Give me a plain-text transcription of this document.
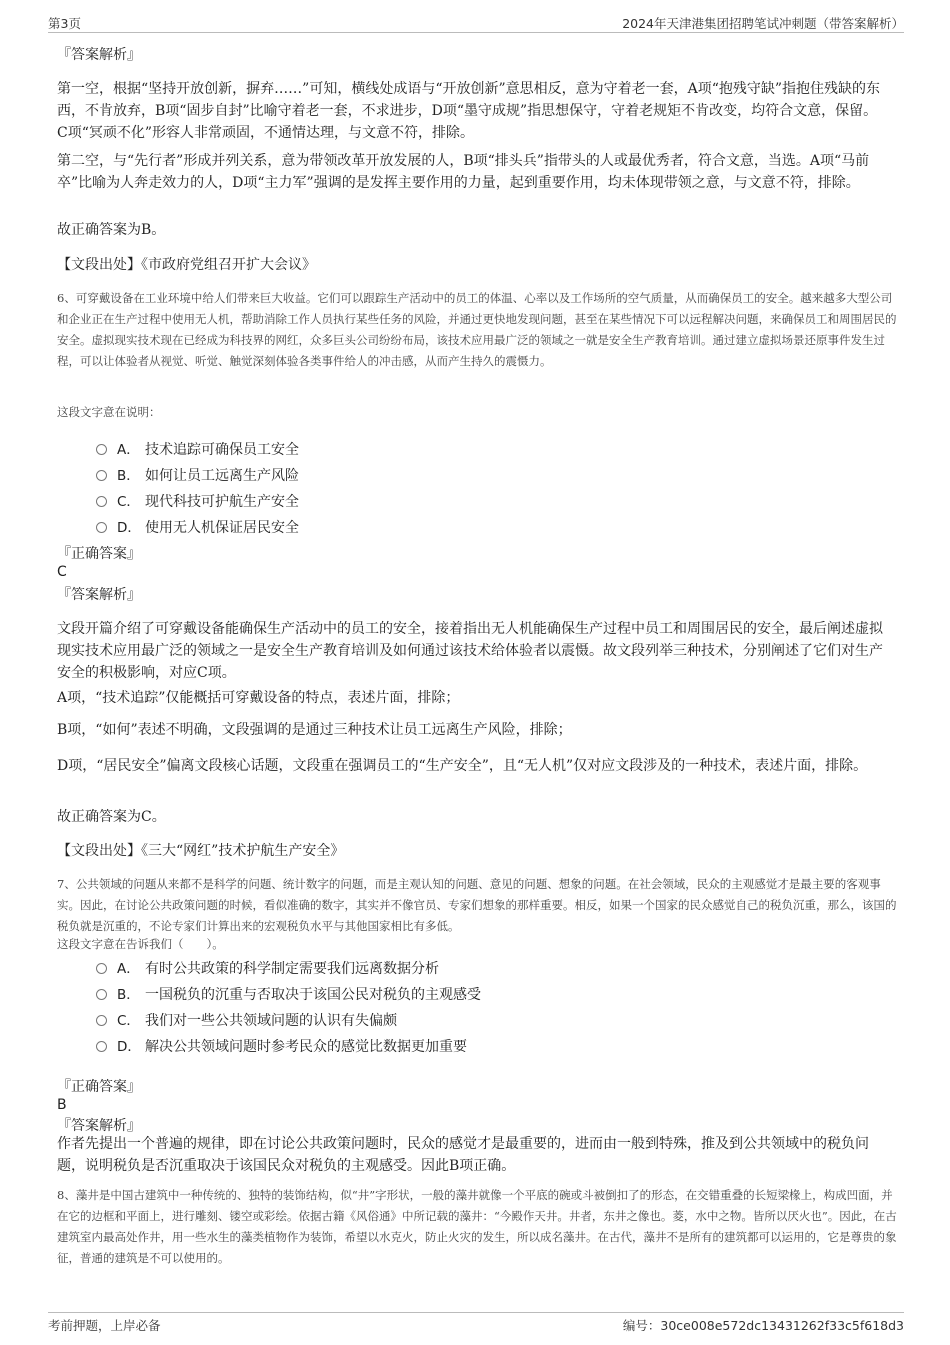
第3页	2024年天津港集团招聘笔试冲刺题（带答案解析）

『答案解析』

第一空，根据“坚持开放创新，摒弃……”可知，横线处成语与“开放创新”意思相反，意为守着老一套，A项“抱残守缺”指抱住残缺的东西，不肯放弃，B项“固步自封”比喻守着老一套，不求进步，D项“墨守成规”指思想保守，守着老规矩不肯改变，均符合文意，保留。C项“冥顽不化”形容人非常顽固，不通情达理，与文意不符，排除。

第二空，与“先行者”形成并列关系，意为带领改革开放发展的人，B项“排头兵”指带头的人或最优秀者，符合文意，当选。A项“马前卒”比喻为人奔走效力的人，D项“主力军”强调的是发挥主要作用的力量，起到重要作用，均未体现带领之意，与文意不符，排除。

故正确答案为B。

【文段出处】《市政府党组召开扩大会议》

6、可穿戴设备在工业环境中给人们带来巨大收益。它们可以跟踪生产活动中的员工的体温、心率以及工作场所的空气质量，从而确保员工的安全。越来越多大型公司和企业正在生产过程中使用无人机，帮助消除工作人员执行某些任务的风险，并通过更快地发现问题，甚至在某些情况下可以远程解决问题，来确保员工和周围居民的安全。虚拟现实技术现在已经成为科技界的网红，众多巨头公司纷纷布局，该技术应用最广泛的领域之一就是安全生产教育培训。通过建立虚拟场景还原事件发生过程，可以让体验者从视觉、听觉、触觉深刻体验各类事件给人的冲击感，从而产生持久的震慑力。

这段文字意在说明：

A． 技术追踪可确保员工安全
B． 如何让员工远离生产风险
C． 现代科技可护航生产安全
D． 使用无人机保证居民安全

『正确答案』

C

『答案解析』

文段开篇介绍了可穿戴设备能确保生产活动中的员工的安全，接着指出无人机能确保生产过程中员工和周围居民的安全，最后阐述虚拟现实技术应用最广泛的领域之一是安全生产教育培训及如何通过该技术给体验者以震慑。故文段列举三种技术，分别阐述了它们对生产安全的积极影响，对应C项。

A项，“技术追踪”仅能概括可穿戴设备的特点，表述片面，排除；

B项，“如何”表述不明确，文段强调的是通过三种技术让员工远离生产风险，排除；

D项，“居民安全”偏离文段核心话题，文段重在强调员工的“生产安全”，且“无人机”仅对应文段涉及的一种技术，表述片面，排除。

故正确答案为C。

【文段出处】《三大“网红”技术护航生产安全》

7、公共领域的问题从来都不是科学的问题、统计数字的问题，而是主观认知的问题、意见的问题、想象的问题。在社会领域，民众的主观感觉才是最主要的客观事实。因此，在讨论公共政策问题的时候，看似准确的数字，其实并不像官员、专家们想象的那样重要。相反，如果一个国家的民众感觉自己的税负沉重，那么，该国的税负就是沉重的，不论专家们计算出来的宏观税负水平与其他国家相比有多低。

这段文字意在告诉我们（　　）。

A． 有时公共政策的科学制定需要我们远离数据分析
B． 一国税负的沉重与否取决于该国公民对税负的主观感受
C． 我们对一些公共领域问题的认识有失偏颇
D． 解决公共领域问题时参考民众的感觉比数据更加重要

『正确答案』

B

『答案解析』

作者先提出一个普遍的规律，即在讨论公共政策问题时，民众的感觉才是最重要的，进而由一般到特殊，推及到公共领域中的税负问题，说明税负是否沉重取决于该国民众对税负的主观感受。因此B项正确。

8、藻井是中国古建筑中一种传统的、独特的装饰结构，似“井”字形状，一般的藻井就像一个平底的碗或斗被倒扣了的形态，在交错重叠的长短梁椽上，构成凹面，并在它的边框和平面上，进行雕刻、镂空或彩绘。依据古籍《风俗通》中所记载的藻井：“今殿作天井。井者，东井之像也。菱，水中之物。皆所以厌火也”。因此，在古建筑室内最高处作井，用一些水生的藻类植物作为装饰，希望以水克火，防止火灾的发生，所以成名藻井。在古代，藻井不是所有的建筑都可以运用的，它是尊贵的象征，普通的建筑是不可以使用的。

考前押题，上岸必备	编号：30ce008e572dc13431262f33c5f618d3
